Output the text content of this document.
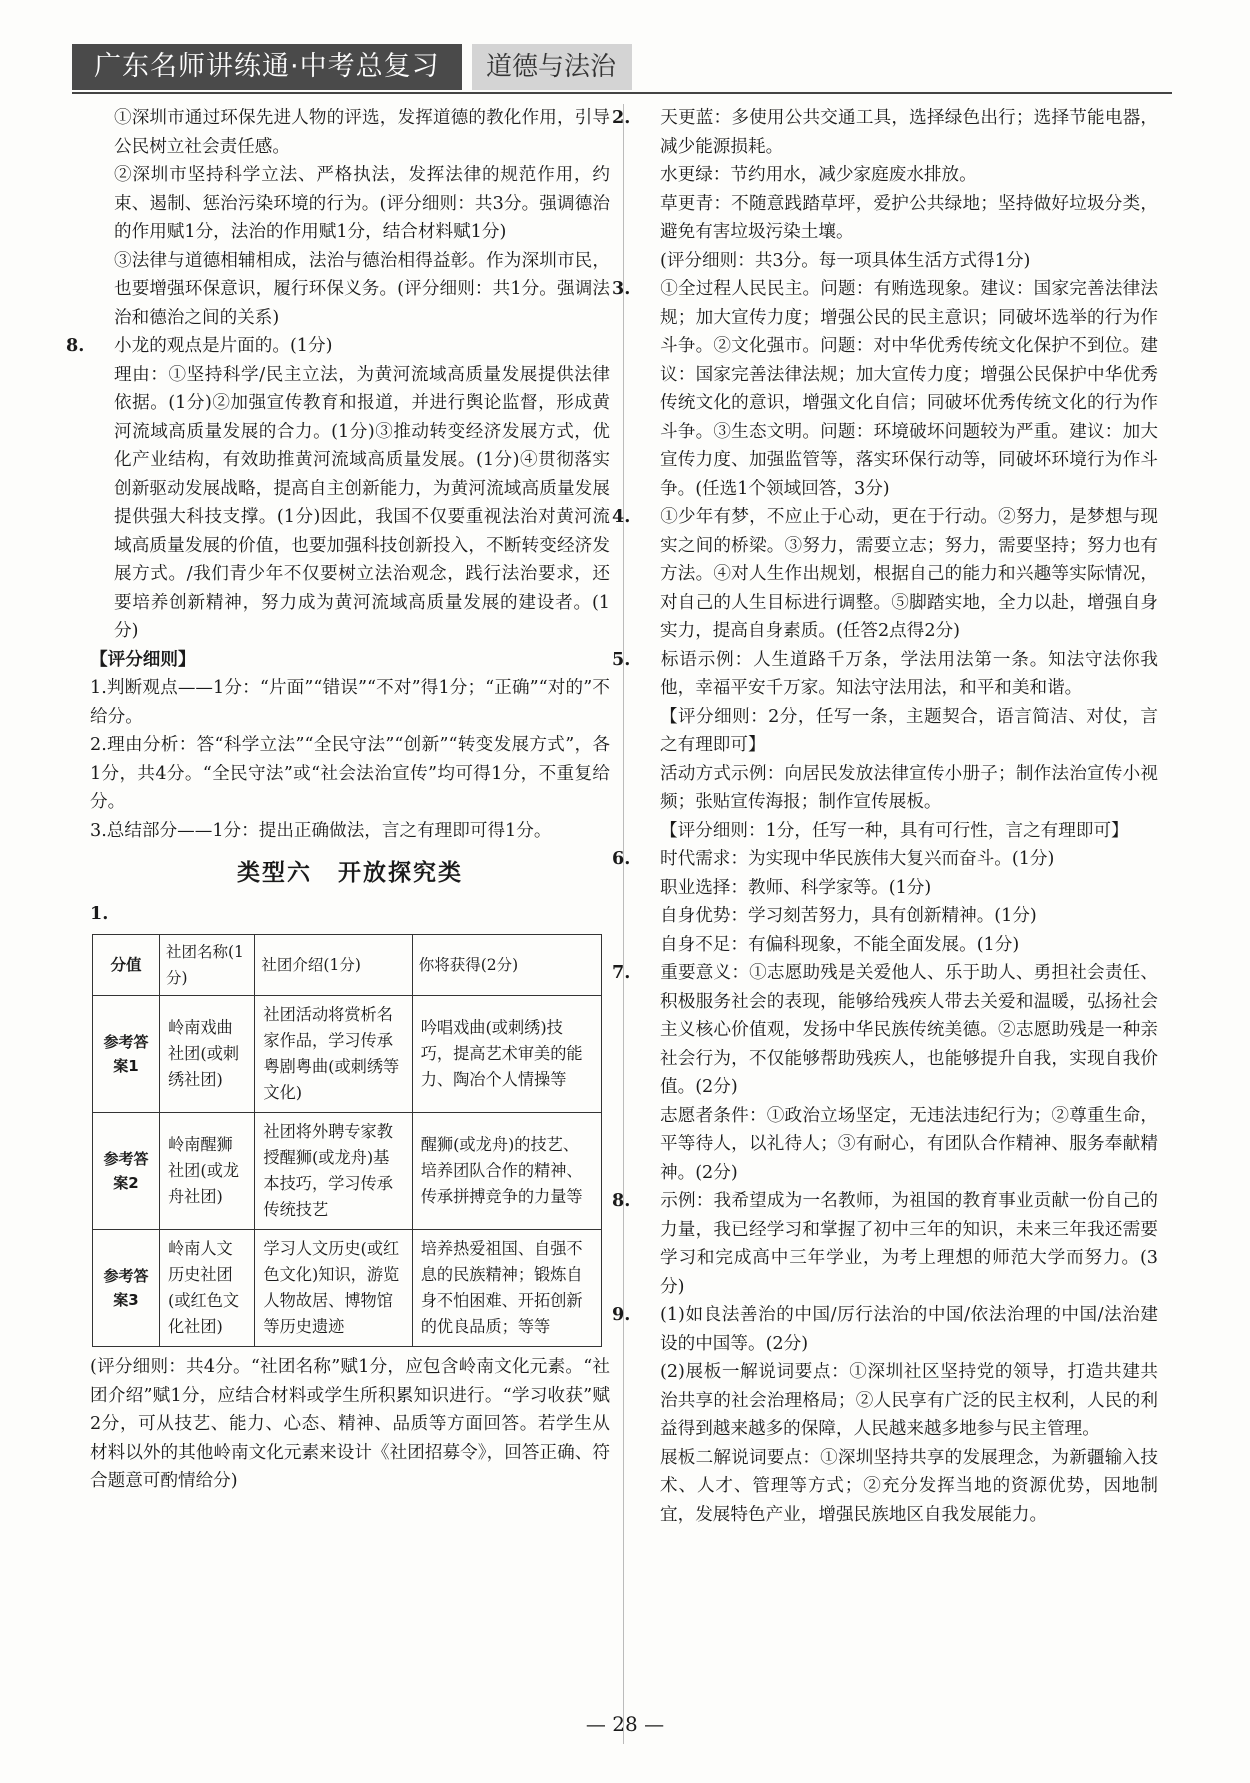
广东名师讲练通·中考总复习	道德与法治

①深圳市通过环保先进人物的评选，发挥道德的教化作用，引导公民树立社会责任感。

②深圳市坚持科学立法、严格执法，发挥法律的规范作用，约束、遏制、惩治污染环境的行为。(评分细则：共3分。强调德治的作用赋1分，法治的作用赋1分，结合材料赋1分)

③法律与道德相辅相成，法治与德治相得益彰。作为深圳市民，也要增强环保意识，履行环保义务。(评分细则：共1分。强调法治和德治之间的关系)

8. 小龙的观点是片面的。(1分)

理由：①坚持科学/民主立法，为黄河流域高质量发展提供法律依据。(1分)②加强宣传教育和报道，并进行舆论监督，形成黄河流域高质量发展的合力。(1分)③推动转变经济发展方式，优化产业结构，有效助推黄河流域高质量发展。(1分)④贯彻落实创新驱动发展战略，提高自主创新能力，为黄河流域高质量发展提供强大科技支撑。(1分)因此，我国不仅要重视法治对黄河流域高质量发展的价值，也要加强科技创新投入，不断转变经济发展方式。/我们青少年不仅要树立法治观念，践行法治要求，还要培养创新精神，努力成为黄河流域高质量发展的建设者。(1分)

【评分细则】

1.判断观点——1分：“片面”“错误”“不对”得1分；“正确”“对的”不给分。

2.理由分析：答“科学立法”“全民守法”“创新”“转变发展方式”，各1分，共4分。“全民守法”或“社会法治宣传”均可得1分，不重复给分。

3.总结部分——1分：提出正确做法，言之有理即可得1分。

类型六 开放探究类

1.

分值	社团名称(1分)	社团介绍(1分)	你将获得(2分)
参考答案1	岭南戏曲社团(或刺绣社团)	社团活动将赏析名家作品，学习传承粤剧粤曲(或刺绣等文化)	吟唱戏曲(或刺绣)技巧，提高艺术审美的能力、陶冶个人情操等
参考答案2	岭南醒狮社团(或龙舟社团)	社团将外聘专家教授醒狮(或龙舟)基本技巧，学习传承传统技艺	醒狮(或龙舟)的技艺、培养团队合作的精神、传承拼搏竞争的力量等
参考答案3	岭南人文历史社团(或红色文化社团)	学习人文历史(或红色文化)知识，游览人物故居、博物馆等历史遗迹	培养热爱祖国、自强不息的民族精神；锻炼自身不怕困难、开拓创新的优良品质；等等

(评分细则：共4分。“社团名称”赋1分，应包含岭南文化元素。“社团介绍”赋1分，应结合材料或学生所积累知识进行。“学习收获”赋2分，可从技艺、能力、心态、精神、品质等方面回答。若学生从材料以外的其他岭南文化元素来设计《社团招募令》，回答正确、符合题意可酌情给分)

2. 天更蓝：多使用公共交通工具，选择绿色出行；选择节能电器，减少能源损耗。

水更绿：节约用水，减少家庭废水排放。

草更青：不随意践踏草坪，爱护公共绿地；坚持做好垃圾分类，避免有害垃圾污染土壤。

(评分细则：共3分。每一项具体生活方式得1分)

3. ①全过程人民民主。问题：有贿选现象。建议：国家完善法律法规；加大宣传力度；增强公民的民主意识；同破坏选举的行为作斗争。②文化强市。问题：对中华优秀传统文化保护不到位。建议：国家完善法律法规；加大宣传力度；增强公民保护中华优秀传统文化的意识，增强文化自信；同破坏优秀传统文化的行为作斗争。③生态文明。问题：环境破坏问题较为严重。建议：加大宣传力度、加强监管等，落实环保行动等，同破坏环境行为作斗争。(任选1个领域回答，3分)

4. ①少年有梦，不应止于心动，更在于行动。②努力，是梦想与现实之间的桥梁。③努力，需要立志；努力，需要坚持；努力也有方法。④对人生作出规划，根据自己的能力和兴趣等实际情况，对自己的人生目标进行调整。⑤脚踏实地，全力以赴，增强自身实力，提高自身素质。(任答2点得2分)

5. 标语示例：人生道路千万条，学法用法第一条。知法守法你我他，幸福平安千万家。知法守法用法，和平和美和谐。

【评分细则：2分，任写一条，主题契合，语言简洁、对仗，言之有理即可】

活动方式示例：向居民发放法律宣传小册子；制作法治宣传小视频；张贴宣传海报；制作宣传展板。

【评分细则：1分，任写一种，具有可行性，言之有理即可】

6. 时代需求：为实现中华民族伟大复兴而奋斗。(1分)

职业选择：教师、科学家等。(1分)

自身优势：学习刻苦努力，具有创新精神。(1分)

自身不足：有偏科现象，不能全面发展。(1分)

7. 重要意义：①志愿助残是关爱他人、乐于助人、勇担社会责任、积极服务社会的表现，能够给残疾人带去关爱和温暖，弘扬社会主义核心价值观，发扬中华民族传统美德。②志愿助残是一种亲社会行为，不仅能够帮助残疾人，也能够提升自我，实现自我价值。(2分)

志愿者条件：①政治立场坚定，无违法违纪行为；②尊重生命，平等待人，以礼待人；③有耐心，有团队合作精神、服务奉献精神。(2分)

8. 示例：我希望成为一名教师，为祖国的教育事业贡献一份自己的力量，我已经学习和掌握了初中三年的知识，未来三年我还需要学习和完成高中三年学业，为考上理想的师范大学而努力。(3分)

9. (1)如良法善治的中国/厉行法治的中国/依法治理的中国/法治建设的中国等。(2分)

(2)展板一解说词要点：①深圳社区坚持党的领导，打造共建共治共享的社会治理格局；②人民享有广泛的民主权利，人民的利益得到越来越多的保障，人民越来越多地参与民主管理。

展板二解说词要点：①深圳坚持共享的发展理念，为新疆输入技术、人才、管理等方式；②充分发挥当地的资源优势，因地制宜，发展特色产业，增强民族地区自我发展能力。

— 28 —
